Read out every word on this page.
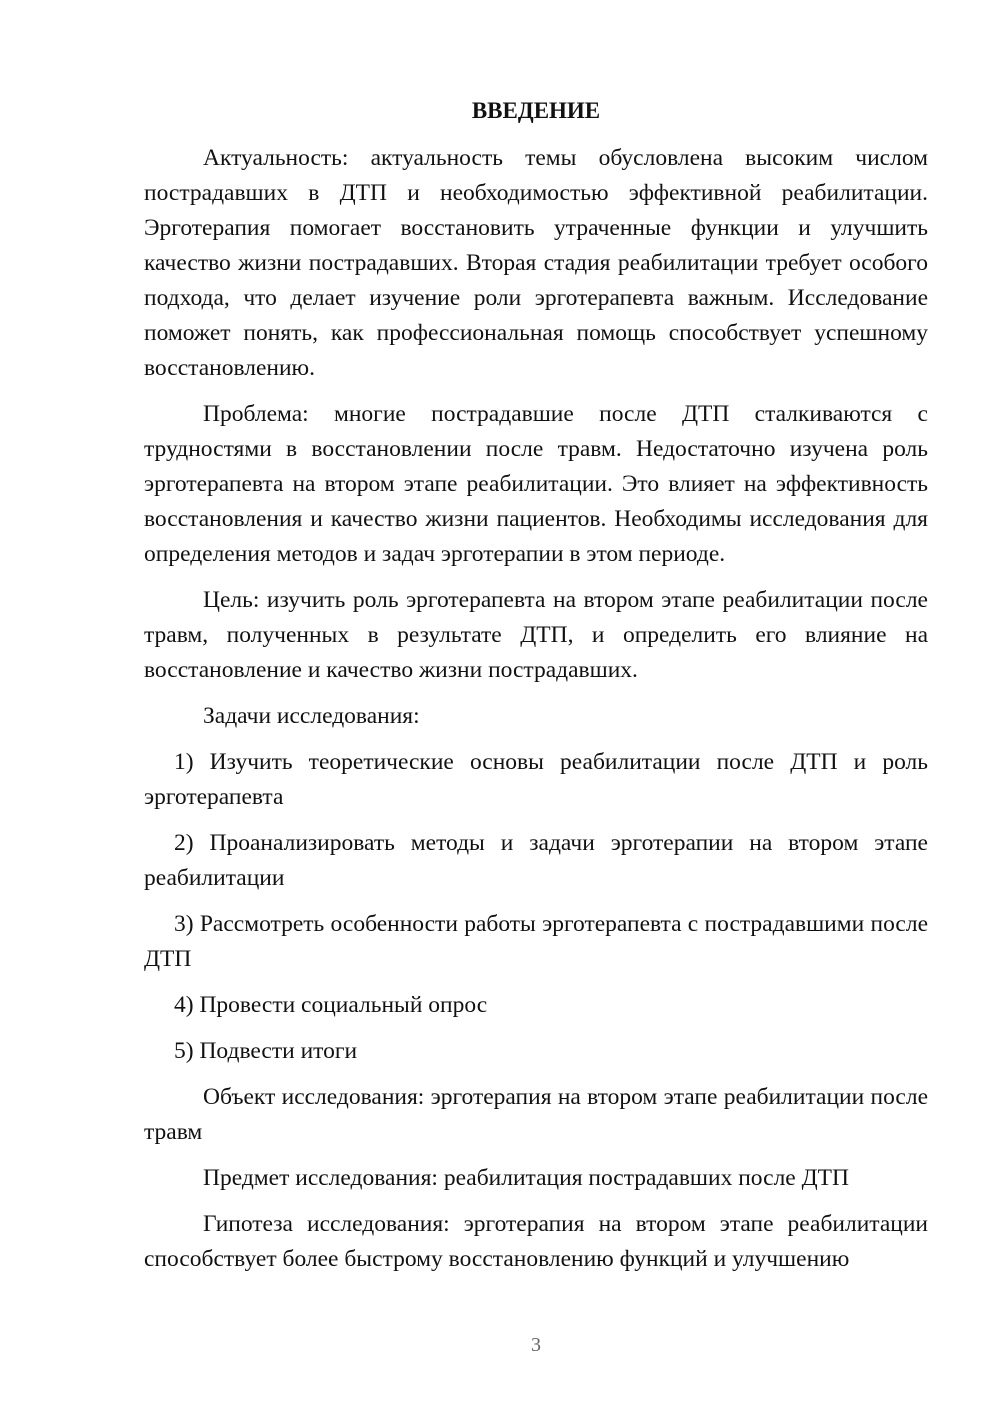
ВВЕДЕНИЕ

Актуальность: актуальность темы обусловлена высоким числом пострадавших в ДТП и необходимостью эффективной реабилитации. Эрготерапия помогает восстановить утраченные функции и улучшить качество жизни пострадавших. Вторая стадия реабилитации требует особого подхода, что делает изучение роли эрготерапевта важным. Исследование поможет понять, как профессиональная помощь способствует успешному восстановлению.

Проблема: многие пострадавшие после ДТП сталкиваются с трудностями в восстановлении после травм. Недостаточно изучена роль эрготерапевта на втором этапе реабилитации. Это влияет на эффективность восстановления и качество жизни пациентов. Необходимы исследования для определения методов и задач эрготерапии в этом периоде.

Цель: изучить роль эрготерапевта на втором этапе реабилитации после травм, полученных в результате ДТП, и определить его влияние на восстановление и качество жизни пострадавших.

Задачи исследования:

1) Изучить теоретические основы реабилитации после ДТП и роль эрготерапевта

2) Проанализировать методы и задачи эрготерапии на втором этапе реабилитации

3) Рассмотреть особенности работы эрготерапевта с пострадавшими после ДТП

4) Провести социальный опрос

5) Подвести итоги

Объект исследования: эрготерапия на втором этапе реабилитации после травм

Предмет исследования: реабилитация пострадавших после ДТП

Гипотеза исследования: эрготерапия на втором этапе реабилитации способствует более быстрому восстановлению функций и улучшению

3
